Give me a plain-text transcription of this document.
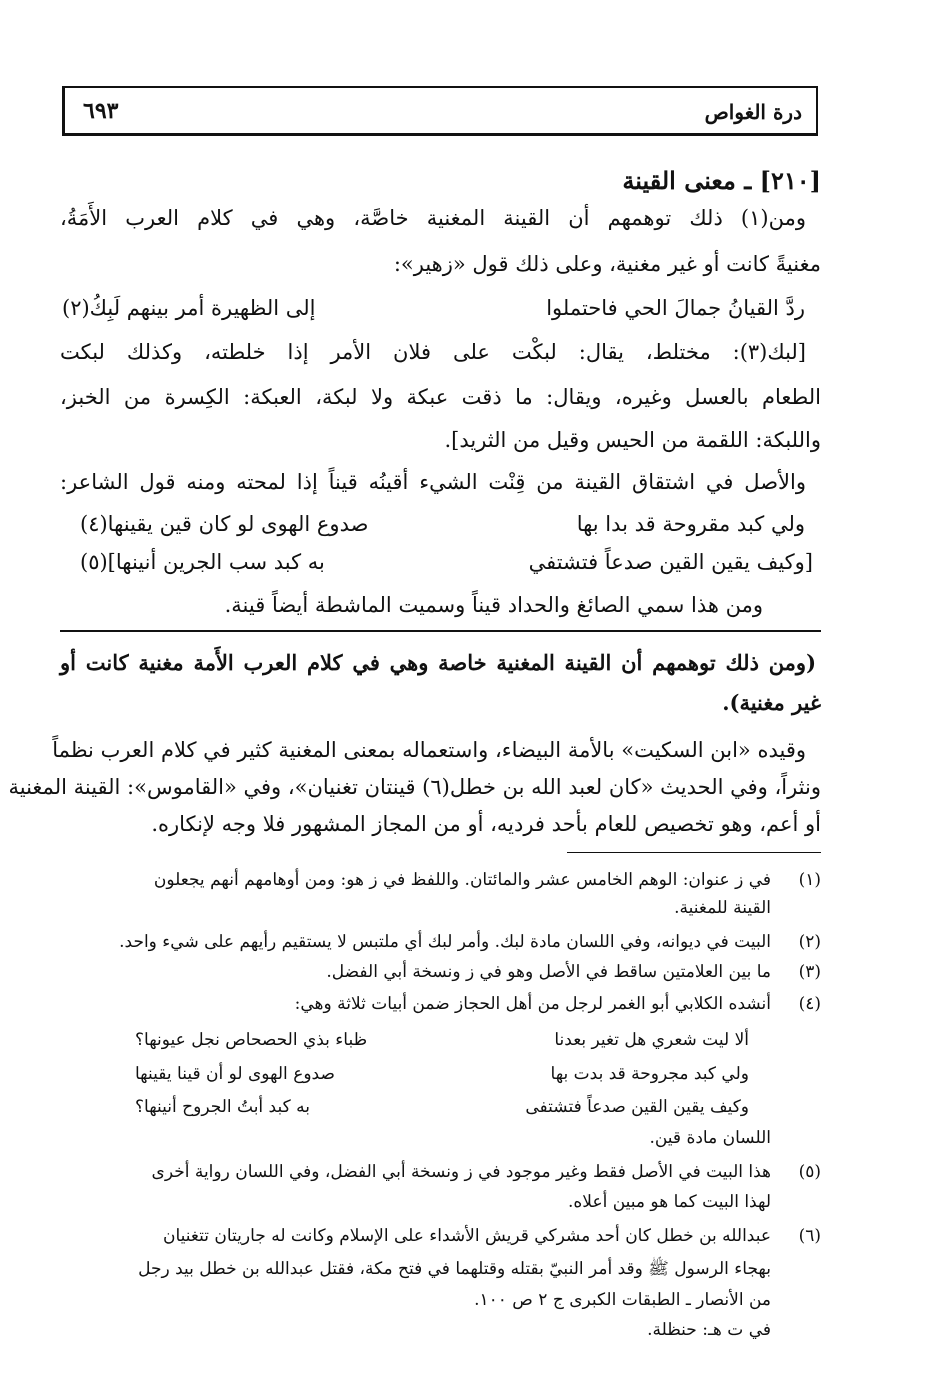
درة الغواص
٦٩٣
[٢١٠] ـ معنى القينة
ومن(١) ذلك توهمهم أن القينة المغنية خاصَّة، وهي في كلام العرب الأَمَةُ،
مغنيةً كانت أو غير مغنية، وعلى ذلك قول «زهير»:
ردَّ القيانُ جمالَ الحي فاحتملوا
إلى الظهيرة أمر بينهم لَبِكُ(٢)
[لبك(٣): مختلط، يقال: لبكْت على فلان الأمر إذا خلطته، وكذلك لبكت
الطعام بالعسل وغيره، ويقال: ما ذقت عبكة ولا لبكة، العبكة: الكِسرة من الخبز،
واللبكة: اللقمة من الحيس وقيل من الثريد].
والأصل في اشتقاق القينة من قِنْت الشيء أقينُه قيناً إذا لمحته ومنه قول الشاعر:
ولي كبد مقروحة قد بدا بها
صدوع الهوى لو كان قين يقينها(٤)
[وكيف يقين القين صدعاً فتشتفي
به كبد سب الجرين أنينها](٥)
ومن هذا سمي الصائغ والحداد قيناً وسميت الماشطة أيضاً قينة.
(ومن ذلك توهمهم أن القينة المغنية خاصة وهي في كلام العرب الأَمة مغنية كانت أو
غير مغنية).
وقيده «ابن السكيت» بالأمة البيضاء، واستعماله بمعنى المغنية كثير في كلام العرب نظماً
ونثراً، وفي الحديث «كان لعبد الله بن خطل(٦) قينتان تغنيان»، وفي «القاموس»: القينة المغنية
أو أعم، وهو تخصيص للعام بأحد فرديه، أو من المجاز المشهور فلا وجه لإنكاره.
(١)
في ز عنوان: الوهم الخامس عشر والمائتان. واللفظ في ز هو: ومن أوهامهم أنهم يجعلون
القينة للمغنية.
(٢)
البيت في ديوانه، وفي اللسان مادة لبك. وأمر لبك أي ملتبس لا يستقيم رأيهم على شيء واحد.
(٣)
ما بين العلامتين ساقط في الأصل وهو في ز ونسخة أبي الفضل.
(٤)
أنشده الكلابي أبو الغمر لرجل من أهل الحجاز ضمن أبيات ثلاثة وهي:
ألا ليت شعري هل تغير بعدنا
ظباء بذي الحصحاص نجل عيونها؟
ولي كبد مجروحة قد بدت بها
صدوع الهوى لو أن قينا يقينها
وكيف يقين القين صدعاً فتشتفى
به كبد أبتُ الجروح أنينها؟
اللسان مادة قين.
(٥)
هذا البيت في الأصل فقط وغير موجود في ز ونسخة أبي الفضل، وفي اللسان رواية أخرى
لهذا البيت كما هو مبين أعلاه.
(٦)
عبدالله بن خطل كان أحد مشركي قريش الأشداء على الإسلام وكانت له جاريتان تتغنيان
بهجاء الرسول ﷺ وقد أمر النبيّ بقتله وقتلهما في فتح مكة، فقتل عبدالله بن خطل بيد رجل
من الأنصار ـ الطبقات الكبرى ج ٢ ص ١٠٠.
في ت هـ: حنظلة.
